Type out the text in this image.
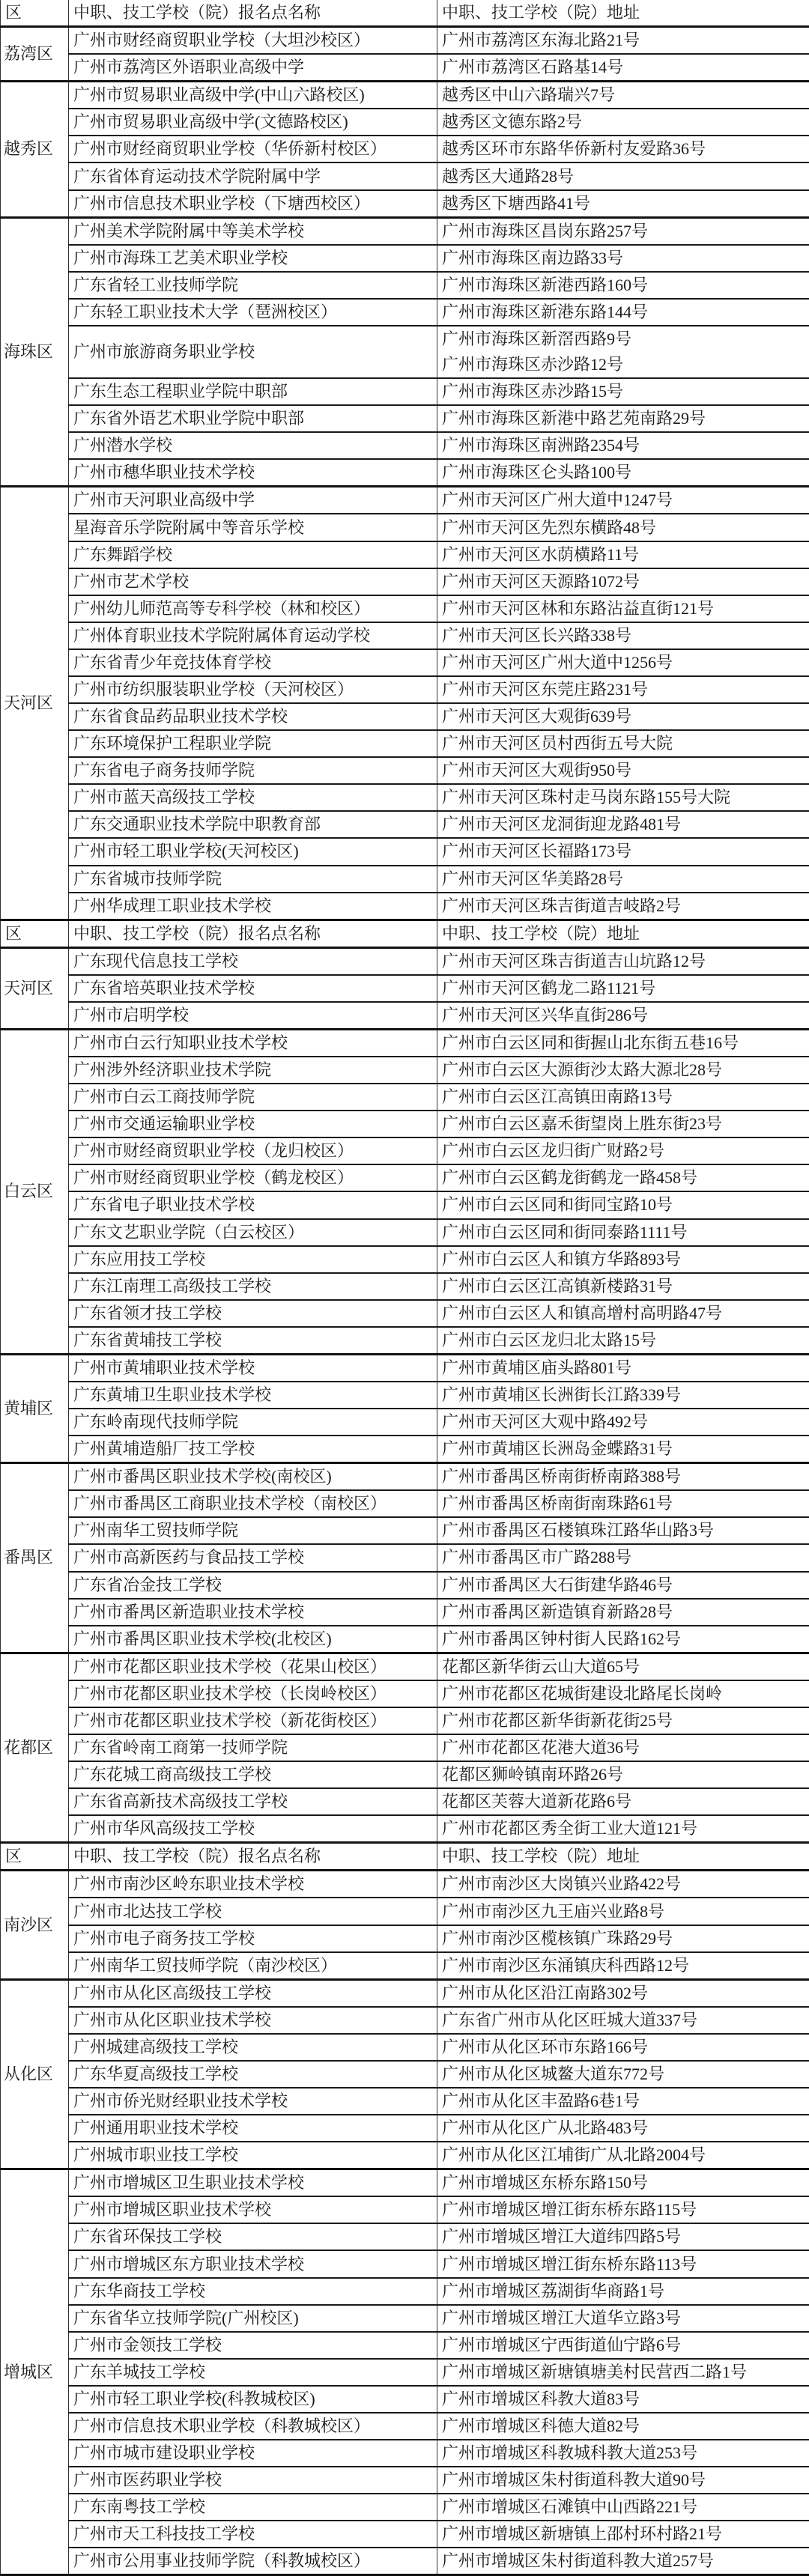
区	中职、技工学校（院）报名点名称	中职、技工学校（院）地址
荔湾区	广州市财经商贸职业学校（大坦沙校区）	广州市荔湾区东海北路21号

	广州市荔湾区外语职业高级中学	广州市荔湾区石路基14号

越秀区	广州市贸易职业高级中学(中山六路校区)	越秀区中山六路瑞兴7号

	广州市贸易职业高级中学(文德路校区)	越秀区文德东路2号

	广州市财经商贸职业学校（华侨新村校区）	越秀区环市东路华侨新村友爱路36号

	广东省体育运动技术学院附属中学	越秀区大通路28号

	广州市信息技术职业学校（下塘西校区）	越秀区下塘西路41号

海珠区	广州美术学院附属中等美术学校	广州市海珠区昌岗东路257号

	广州市海珠工艺美术职业学校	广州市海珠区南边路33号

	广东省轻工业技师学院	广州市海珠区新港西路160号

	广东轻工职业技术大学（琶洲校区）	广州市海珠区新港东路144号

	广州市旅游商务职业学校	广州市海珠区新滘西路9号
广州市海珠区赤沙路12号

	广东生态工程职业学院中职部	广州市海珠区赤沙路15号

	广东省外语艺术职业学院中职部	广州市海珠区新港中路艺苑南路29号

	广州潜水学校	广州市海珠区南洲路2354号

	广州市穗华职业技术学校	广州市海珠区仑头路100号

天河区	广州市天河职业高级中学	广州市天河区广州大道中1247号

	星海音乐学院附属中等音乐学校	广州市天河区先烈东横路48号

	广东舞蹈学校	广州市天河区水荫横路11号

	广州市艺术学校	广州市天河区天源路1072号

	广州幼儿师范高等专科学校（林和校区）	广州市天河区林和东路沾益直街121号

	广州体育职业技术学院附属体育运动学校	广州市天河区长兴路338号

	广东省青少年竞技体育学校	广州市天河区广州大道中1256号

	广州市纺织服装职业学校（天河校区）	广州市天河区东莞庄路231号

	广东省食品药品职业技术学校	广州市天河区大观街639号

	广东环境保护工程职业学院	广州市天河区员村西街五号大院

	广东省电子商务技师学院	广州市天河区大观街950号

	广州市蓝天高级技工学校	广州市天河区珠村走马岗东路155号大院

	广东交通职业技术学院中职教育部	广州市天河区龙洞街迎龙路481号

	广州市轻工职业学校(天河校区)	广州市天河区长福路173号

	广东省城市技师学院	广州市天河区华美路28号

	广州华成理工职业技术学校	广州市天河区珠吉街道吉岐路2号

区	中职、技工学校（院）报名点名称	中职、技工学校（院）地址
天河区	广东现代信息技工学校	广州市天河区珠吉街道吉山坑路12号

	广东省培英职业技术学校	广州市天河区鹤龙二路1121号

	广州市启明学校	广州市天河区兴华直街286号

白云区	广州市白云行知职业技术学校	广州市白云区同和街握山北东街五巷16号

	广州涉外经济职业技术学院	广州市白云区大源街沙太路大源北28号

	广州市白云工商技师学院	广州市白云区江高镇田南路13号

	广州市交通运输职业学校	广州市白云区嘉禾街望岗上胜东街23号

	广州市财经商贸职业学校（龙归校区）	广州市白云区龙归街广财路2号

	广州市财经商贸职业学校（鹤龙校区）	广州市白云区鹤龙街鹤龙一路458号

	广东省电子职业技术学校	广州市白云区同和街同宝路10号

	广东文艺职业学院（白云校区）	广州市白云区同和街同泰路1111号

	广东应用技工学校	广州市白云区人和镇方华路893号

	广东江南理工高级技工学校	广州市白云区江高镇新楼路31号

	广东省领才技工学校	广州市白云区人和镇高增村高明路47号

	广东省黄埔技工学校	广州市白云区龙归北太路15号

黄埔区	广州市黄埔职业技术学校	广州市黄埔区庙头路801号

	广东黄埔卫生职业技术学校	广州市黄埔区长洲街长江路339号

	广东岭南现代技师学院	广州市天河区大观中路492号

	广州黄埔造船厂技工学校	广州市黄埔区长洲岛金蝶路31号

番禺区	广州市番禺区职业技术学校(南校区)	广州市番禺区桥南街桥南路388号

	广州市番禺区工商职业技术学校（南校区）	广州市番禺区桥南街南珠路61号

	广州南华工贸技师学院	广州市番禺区石楼镇珠江路华山路3号

	广州市高新医药与食品技工学校	广州市番禺区市广路288号

	广东省冶金技工学校	广州市番禺区大石街建华路46号

	广州市番禺区新造职业技术学校	广州市番禺区新造镇育新路28号

	广州市番禺区职业技术学校(北校区)	广州市番禺区钟村街人民路162号

花都区	广州市花都区职业技术学校（花果山校区）	花都区新华街云山大道65号

	广州市花都区职业技术学校（长岗岭校区）	广州市花都区花城街建设北路尾长岗岭

	广州市花都区职业技术学校（新花街校区）	广州市花都区新华街新花街25号

	广东省岭南工商第一技师学院	广州市花都区花港大道36号

	广东花城工商高级技工学校	花都区狮岭镇南环路26号

	广东省高新技术高级技工学校	花都区芙蓉大道新花路6号

	广州市华风高级技工学校	广州市花都区秀全街工业大道121号

区	中职、技工学校（院）报名点名称	中职、技工学校（院）地址
南沙区	广州市南沙区岭东职业技术学校	广州市南沙区大岗镇兴业路422号

	广州市北达技工学校	广州市南沙区九王庙兴业路8号

	广州市电子商务技工学校	广州市南沙区榄核镇广珠路29号

	广州南华工贸技师学院（南沙校区）	广州市南沙区东涌镇庆科西路12号

从化区	广州市从化区高级技工学校	广州市从化区沿江南路302号

	广州市从化区职业技术学校	广东省广州市从化区旺城大道337号

	广州城建高级技工学校	广州市从化区环市东路166号

	广东华夏高级技工学校	广州市从化区城鳌大道东772号

	广州市侨光财经职业技术学校	广州市从化区丰盈路6巷1号

	广州通用职业技术学校	广州市从化区广从北路483号

	广州城市职业技工学校	广州市从化区江埔街广从北路2004号

增城区	广州市增城区卫生职业技术学校	广州市增城区东桥东路150号

	广州市增城区职业技术学校	广州市增城区增江街东桥东路115号

	广东省环保技工学校	广州市增城区增江大道纬四路5号

	广州市增城区东方职业技术学校	广州市增城区增江街东桥东路113号

	广东华商技工学校	广州市增城区荔湖街华商路1号

	广东省华立技师学院(广州校区)	广州市增城区增江大道华立路3号

	广州市金领技工学校	广州市增城区宁西街道仙宁路6号

	广东羊城技工学校	广州市增城区新塘镇塘美村民营西二路1号

	广州市轻工职业学校(科教城校区)	广州市增城区科教大道83号

	广州市信息技术职业学校（科教城校区）	广州市增城区科德大道82号

	广州市城市建设职业学校	广州市增城区科教城科教大道253号

	广州市医药职业学校	广州市增城区朱村街道科教大道90号

	广东南粤技工学校	广州市增城区石滩镇中山西路221号

	广州市天工科技技工学校	广州市增城区新塘镇上邵村环村路21号

	广州市公用事业技师学院（科教城校区）	广州市增城区朱村街道科教大道257号
